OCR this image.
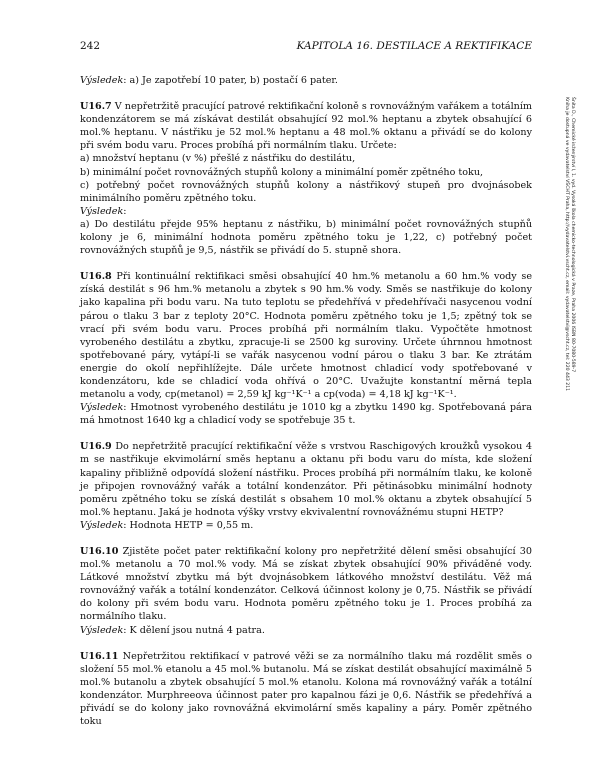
242	KAPITOLA 16. DESTILACE A REKTIFIKACE

Výsledek: a) Je zapotřebí 10 pater, b) postačí 6 pater.

U16.7 V nepřetržitě pracující patrové rektifikační koloně s rovnovážným vařákem a totálním kondenzátorem se má získávat destilát obsahující 92 mol.% heptanu a zbytek obsahující 6 mol.% heptanu. V nástřiku je 52 mol.% heptanu a 48 mol.% oktanu a přivádí se do kolony při svém bodu varu. Proces probíhá při normálním tlaku. Určete:

a) množství heptanu (v %) přešlé z nástřiku do destilátu,

b) minimální počet rovnovážných stupňů kolony a minimální poměr zpětného toku,

c) potřebný počet rovnovážných stupňů kolony a nástřikový stupeň pro dvojnásobek minimálního poměru zpětného toku.

Výsledek:

a) Do destilátu přejde 95% heptanu z nástřiku, b) minimální počet rovnovážných stupňů kolony je 6, minimální hodnota poměru zpětného toku je 1,22, c) potřebný počet rovnovážných stupňů je 9,5, nástřik se přivádí do 5. stupně shora.

U16.8 Při kontinuální rektifikaci směsi obsahující 40 hm.% metanolu a 60 hm.% vody se získá destilát s 96 hm.% metanolu a zbytek s 90 hm.% vody. Směs se nastřikuje do kolony jako kapalina při bodu varu. Na tuto teplotu se předehřívá v předehřívači nasycenou vodní párou o tlaku 3 bar z teploty 20°C. Hodnota poměru zpětného toku je 1,5; zpětný tok se vrací při svém bodu varu. Proces probíhá při normálním tlaku. Vypočtěte hmotnost vyrobeného destilátu a zbytku, zpracuje-li se 2500 kg suroviny. Určete úhrnnou hmotnost spotřebované páry, vytápí-li se vařák nasycenou vodní párou o tlaku 3 bar. Ke ztrátám energie do okolí nepřihlížejte. Dále určete hmotnost chladicí vody spotřebované v kondenzátoru, kde se chladicí voda ohřívá o 20°C. Uvažujte konstantní měrná tepla metanolu a vody, cp(metanol) = 2,59 kJ kg⁻¹K⁻¹ a cp(voda) = 4,18 kJ kg⁻¹K⁻¹.

Výsledek: Hmotnost vyrobeného destilátu je 1010 kg a zbytku 1490 kg. Spotřebovaná pára má hmotnost 1640 kg a chladicí vody se spotřebuje 35 t.

U16.9 Do nepřetržitě pracující rektifikační věže s vrstvou Raschigových kroužků vysokou 4 m se nastřikuje ekvimolární směs heptanu a oktanu při bodu varu do místa, kde složení kapaliny přibližně odpovídá složení nástřiku. Proces probíhá při normálním tlaku, ke koloně je připojen rovnovážný vařák a totální kondenzátor. Při pětinásobku minimální hodnoty poměru zpětného toku se získá destilát s obsahem 10 mol.% oktanu a zbytek obsahující 5 mol.% heptanu. Jaká je hodnota výšky vrstvy ekvivalentní rovnovážnému stupni HETP?

Výsledek: Hodnota HETP = 0,55 m.

U16.10 Zjistěte počet pater rektifikační kolony pro nepřetržité dělení směsi obsahující 30 mol.% metanolu a 70 mol.% vody. Má se získat zbytek obsahující 90% přiváděné vody. Látkové množství zbytku má být dvojnásobkem látkového množství destilátu. Věž má rovnovážný vařák a totální kondenzátor. Celková účinnost kolony je 0,75. Nástřik se přivádí do kolony při svém bodu varu. Hodnota poměru zpětného toku je 1. Proces probíhá za normálního tlaku.

Výsledek: K dělení jsou nutná 4 patra.

U16.11 Nepřetržitou rektifikací v patrové věži se za normálního tlaku má rozdělit směs o složení 55 mol.% etanolu a 45 mol.% butanolu. Má se získat destilát obsahující maximálně 5 mol.% butanolu a zbytek obsahující 5 mol.% etanolu. Kolona má rovnovážný vařák a totální kondenzátor. Murphreeova účinnost pater pro kapalnou fázi je 0,6. Nástřik se předehřívá a přivádí se do kolony jako rovnovážná ekvimolární směs kapaliny a páry. Poměr zpětného toku

Šnita D., Chemické inženýrství I, 1. vyd. Vysoká škola chemicko-technologická v Praze, Praha 2006 ISBN 80-7080-589-7
Kniha je dostupná ve vydavatelství VŠCHT Praha, http://vydavatelstvi.vscht.cz, email: vydavatelstvi@vscht.cz, tel: 220 443 211
